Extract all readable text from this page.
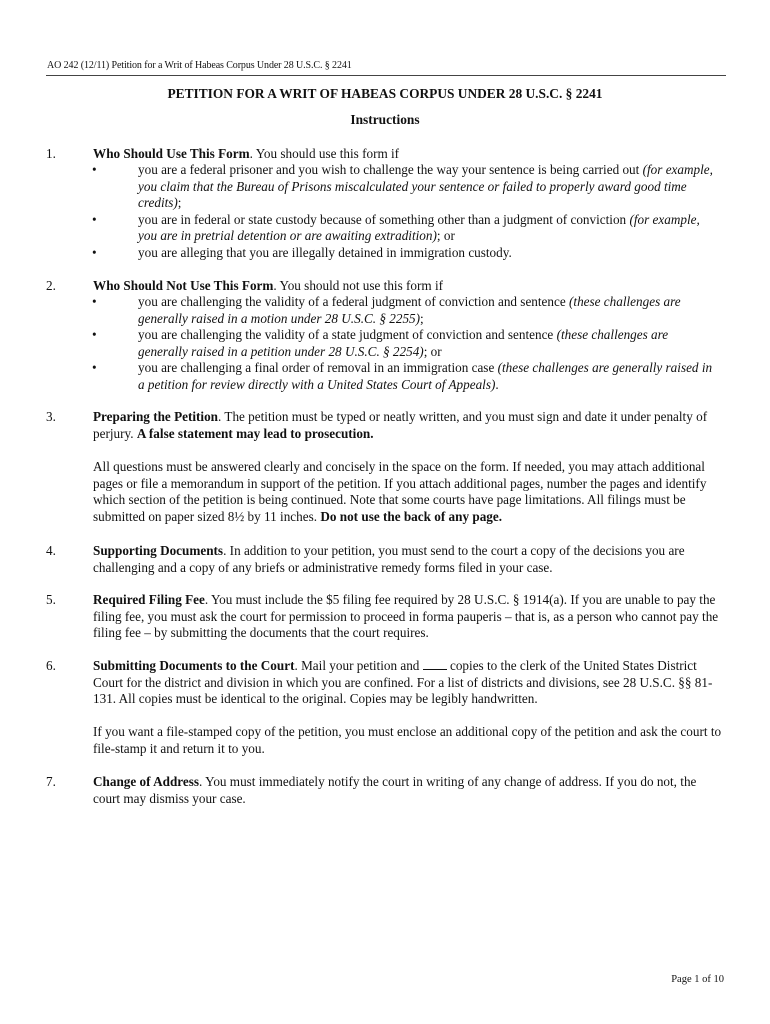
AO 242 (12/11) Petition for a Writ of Habeas Corpus Under 28 U.S.C. § 2241
PETITION FOR A WRIT OF HABEAS CORPUS UNDER 28 U.S.C. § 2241
Instructions
1.	Who Should Use This Form. You should use this form if
•	you are a federal prisoner and you wish to challenge the way your sentence is being carried out (for example, you claim that the Bureau of Prisons miscalculated your sentence or failed to properly award good time credits);
•	you are in federal or state custody because of something other than a judgment of conviction (for example, you are in pretrial detention or are awaiting extradition); or
•	you are alleging that you are illegally detained in immigration custody.
2.	Who Should Not Use This Form. You should not use this form if
•	you are challenging the validity of a federal judgment of conviction and sentence (these challenges are generally raised in a motion under 28 U.S.C. § 2255);
•	you are challenging the validity of a state judgment of conviction and sentence (these challenges are generally raised in a petition under 28 U.S.C. § 2254); or
•	you are challenging a final order of removal in an immigration case (these challenges are generally raised in a petition for review directly with a United States Court of Appeals).
3.	Preparing the Petition. The petition must be typed or neatly written, and you must sign and date it under penalty of perjury. A false statement may lead to prosecution.
All questions must be answered clearly and concisely in the space on the form. If needed, you may attach additional pages or file a memorandum in support of the petition. If you attach additional pages, number the pages and identify which section of the petition is being continued. Note that some courts have page limitations. All filings must be submitted on paper sized 8½ by 11 inches. Do not use the back of any page.
4.	Supporting Documents. In addition to your petition, you must send to the court a copy of the decisions you are challenging and a copy of any briefs or administrative remedy forms filed in your case.
5.	Required Filing Fee. You must include the $5 filing fee required by 28 U.S.C. § 1914(a). If you are unable to pay the filing fee, you must ask the court for permission to proceed in forma pauperis – that is, as a person who cannot pay the filing fee – by submitting the documents that the court requires.
6.	Submitting Documents to the Court. Mail your petition and  copies to the clerk of the United States District Court for the district and division in which you are confined. For a list of districts and divisions, see 28 U.S.C. §§ 81-131. All copies must be identical to the original. Copies may be legibly handwritten.
If you want a file-stamped copy of the petition, you must enclose an additional copy of the petition and ask the court to file-stamp it and return it to you.
7.	Change of Address. You must immediately notify the court in writing of any change of address. If you do not, the court may dismiss your case.
Page 1 of 10
